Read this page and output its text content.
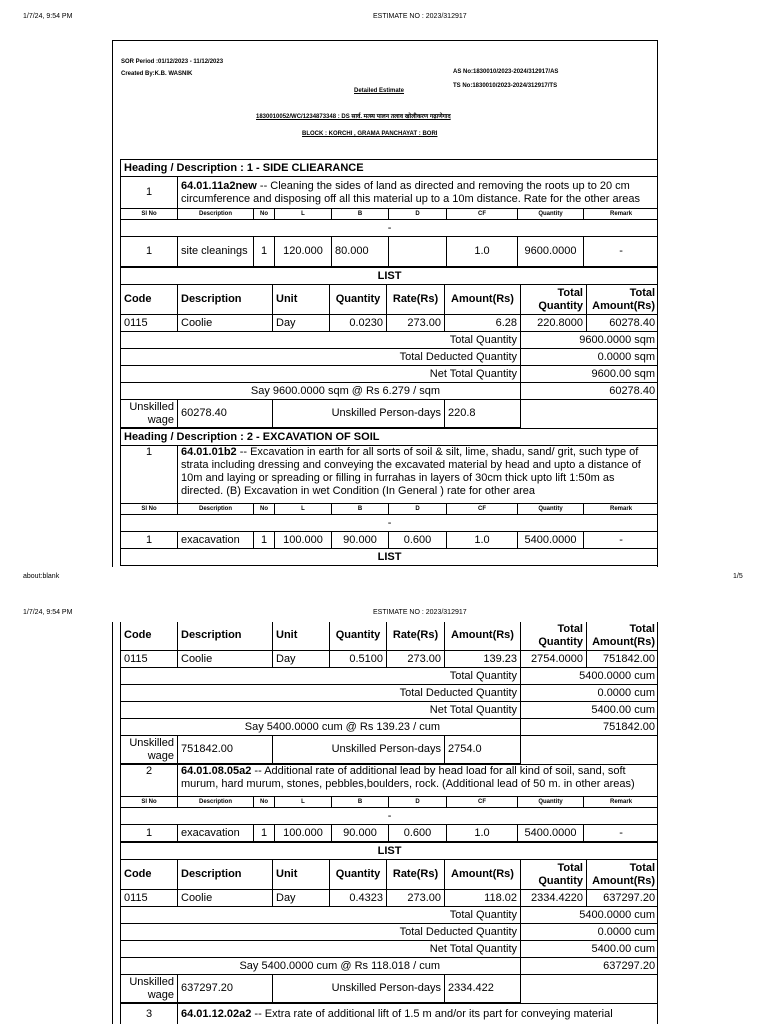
1/7/24, 9:54 PM	ESTIMATE NO : 2023/312917
SOR Period :01/12/2023 - 11/12/2023
Created By:K.B. WASNIK	AS No:1830010/2023-2024/312917/AS
TS No:1830010/2023-2024/312917/TS
Detailed Estimate
1830010052/WC/1234873348 : DS सार्व. मत्स्य पालन तलाव खोलीकरण गढ़ाणेगाद
BLOCK : KORCHI , GRAMA PANCHAYAT : BORI
Heading / Description : 1 - SIDE CLIEARANCE								
1	64.01.11a2new -- Cleaning the sides of land as directed and removing the roots up to 20 cm circumference and disposing off all this material up to a 10m distance. Rate for the other areas							
Sl No	Description	No	L	B	D	CF	Quantity	Remark
-								
1	site cleanings	1	120.000	80.000		1.0	9600.0000	-
LIST							
Code	Description	Unit	Quantity	Rate(Rs)	Amount(Rs)	Total Quantity	Total Amount(Rs)
0115	Coolie	Day	0.0230	273.00	6.28	220.8000	60278.40
Total Quantity						9600.0000 sqm	
Total Deducted Quantity						0.0000 sqm	
Net Total Quantity						9600.00 sqm	
Say 9600.0000 sqm @ Rs 6.279 / sqm						60278.40	
Unskilled wage	60278.40	Unskilled Person-days			220.8		
Heading / Description : 2 - EXCAVATION OF SOIL								
1	64.01.01b2 -- Excavation in earth for all sorts of soil & silt, lime, shadu, sand/ grit, such type of strata including dressing and conveying the excavated material by head and upto a distance of 10m and laying or spreading or filling in furrahas in layers of 30cm thick upto lift 1:50m as directed. (B) Excavation in wet Condition (In General ) rate for other area							
Sl No	Description	No	L	B	D	CF	Quantity	Remark
-								
1	exacavation	1	100.000	90.000	0.600	1.0	5400.0000	-
LIST								
about:blank	1/5
1/7/24, 9:54 PM	ESTIMATE NO : 2023/312917
Code	Description	Unit	Quantity	Rate(Rs)	Amount(Rs)	Total Quantity	Total Amount(Rs)
0115	Coolie	Day	0.5100	273.00	139.23	2754.0000	751842.00
Total Quantity						5400.0000 cum	
Total Deducted Quantity						0.0000 cum	
Net Total Quantity						5400.00 cum	
Say 5400.0000 cum @ Rs 139.23 / cum						751842.00	
Unskilled wage	751842.00	Unskilled Person-days			2754.0		
2	64.01.08.05a2 -- Additional rate of additional lead by head load for all kind of soil, sand, soft murum, hard murum, stones, pebbles,boulders, rock. (Additional lead of 50 m. in other areas)							
Sl No	Description	No	L	B	D	CF	Quantity	Remark
-								
1	exacavation	1	100.000	90.000	0.600	1.0	5400.0000	-
LIST							
Code	Description	Unit	Quantity	Rate(Rs)	Amount(Rs)	Total Quantity	Total Amount(Rs)
0115	Coolie	Day	0.4323	273.00	118.02	2334.4220	637297.20
Total Quantity						5400.0000 cum	
Total Deducted Quantity						0.0000 cum	
Net Total Quantity						5400.00 cum	
Say 5400.0000 cum @ Rs 118.018 / cum						637297.20	
Unskilled wage	637297.20	Unskilled Person-days			2334.422		
3	64.01.12.02a2 -- Extra rate of additional lift of 1.5 m and/or its part for conveying material
